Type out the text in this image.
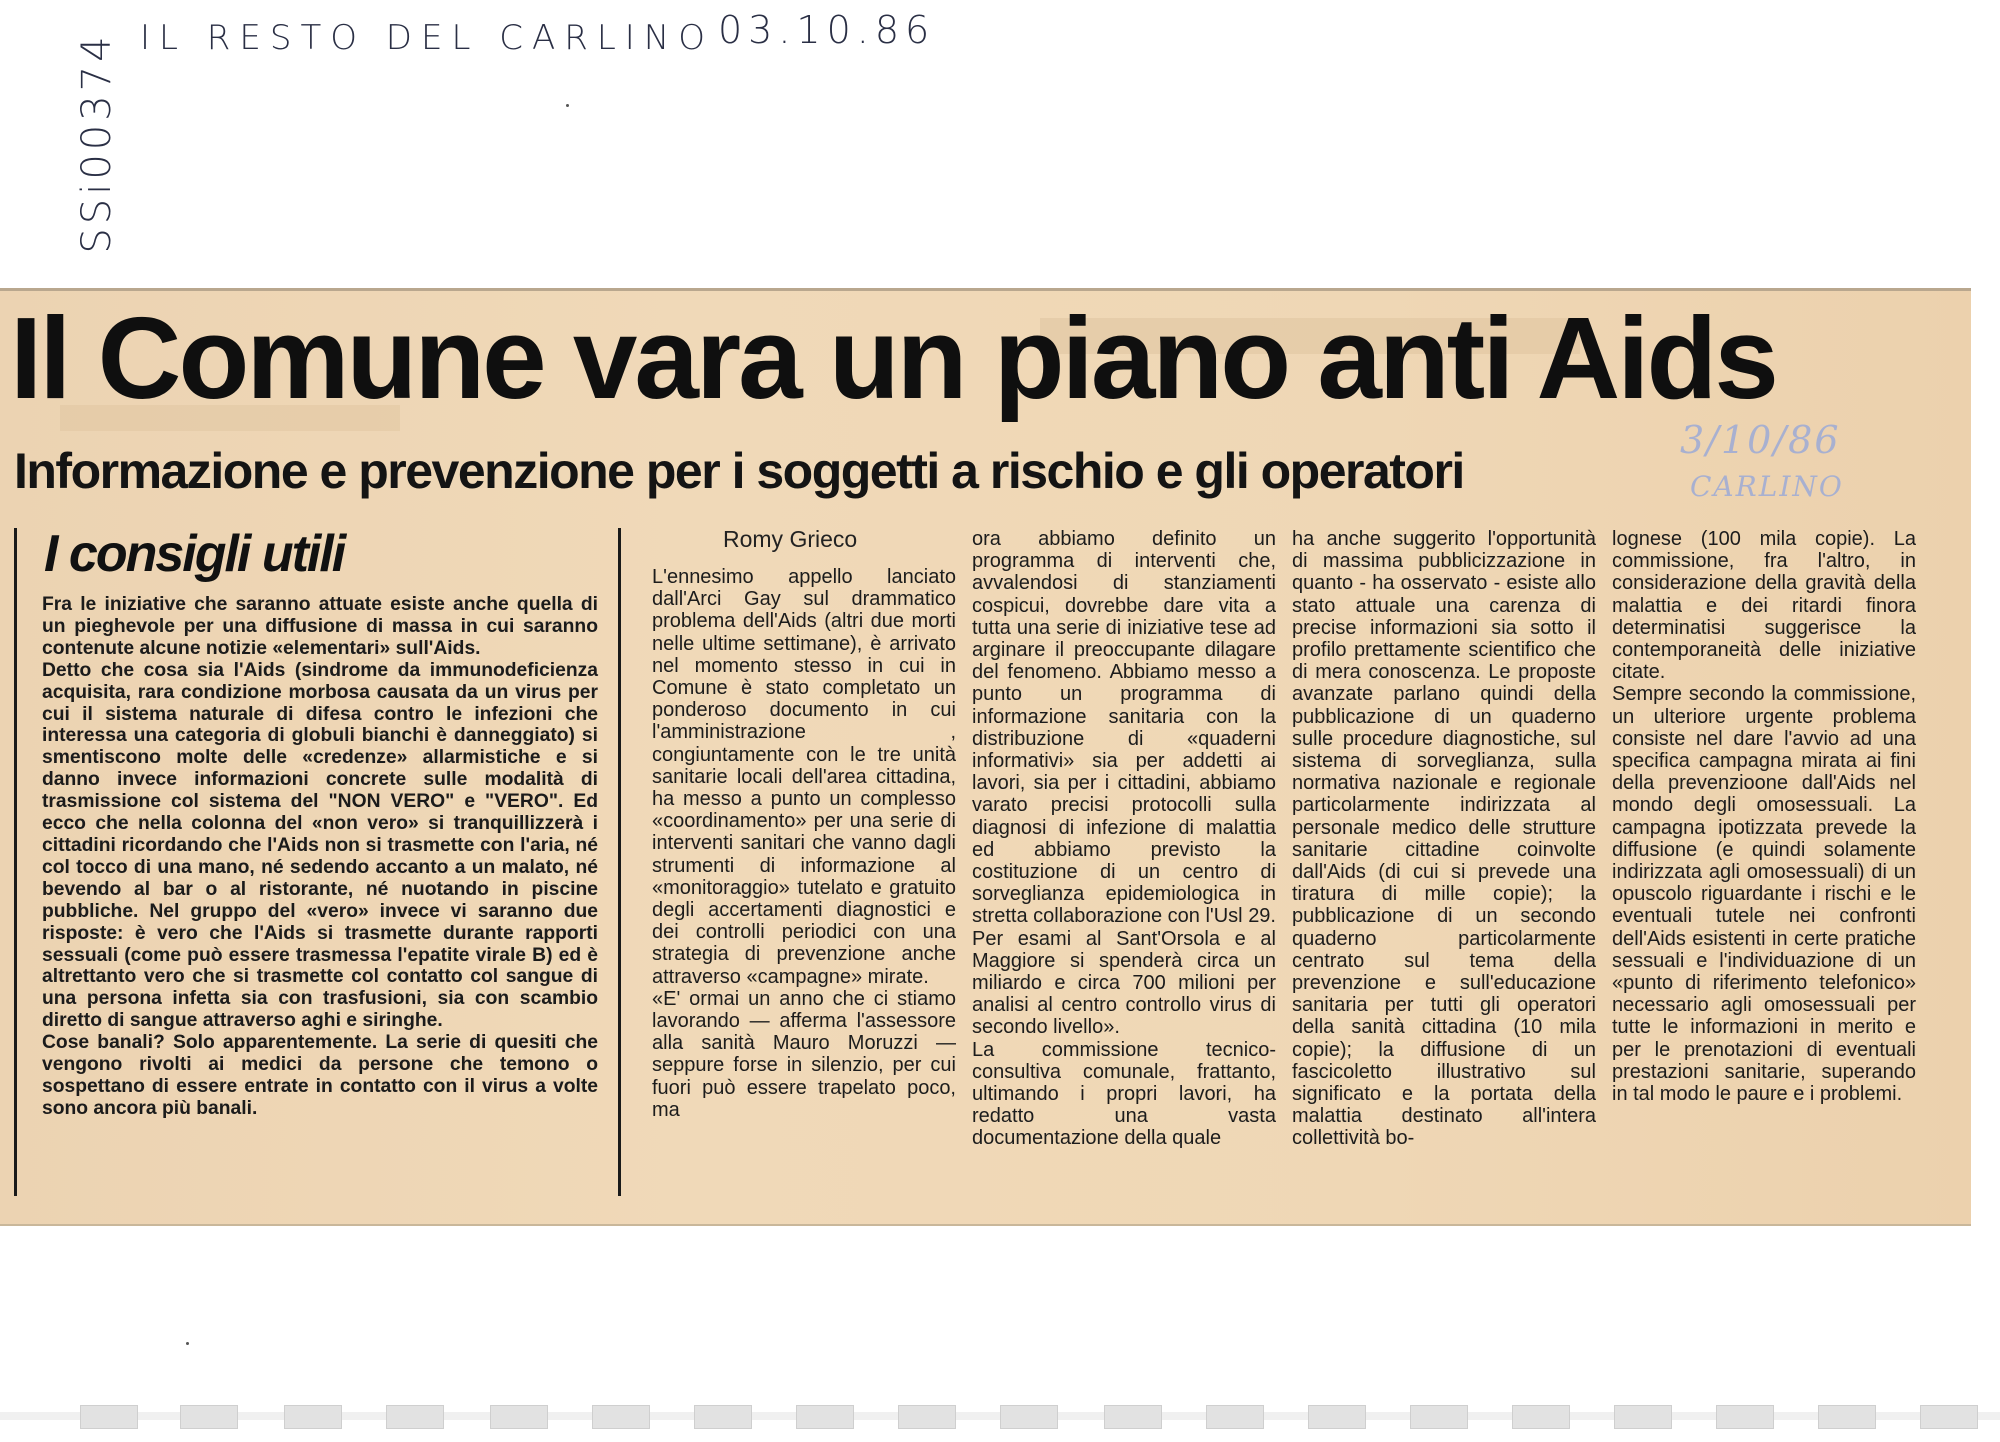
IL RESTO DEL CARLINO 03.10.86
SSi00374
Il Comune vara un piano anti Aids
Informazione e prevenzione per i soggetti a rischio e gli operatori
3/10/86
CARLINO
I consigli utili

Fra le iniziative che saranno attuate esiste anche quella di un pieghevole per una diffusione di massa in cui saranno contenute alcune notizie «elementari» sull'Aids.

Detto che cosa sia l'Aids (sindrome da immunodeficienza acquisita, rara condizione morbosa causata da un virus per cui il sistema naturale di difesa contro le infezioni che interessa una categoria di globuli bianchi è danneggiato) si smentiscono molte delle «credenze» allarmistiche e si danno invece informazioni concrete sulle modalità di trasmissione col sistema del "NON VERO" e "VERO". Ed ecco che nella colonna del «non vero» si tranquillizzerà i cittadini ricordando che l'Aids non si trasmette con l'aria, né col tocco di una mano, né sedendo accanto a un malato, né bevendo al bar o al ristorante, né nuotando in piscine pubbliche. Nel gruppo del «vero» invece vi saranno due risposte: è vero che l'Aids si trasmette durante rapporti sessuali (come può essere trasmessa l'epatite virale B) ed è altrettanto vero che si trasmette col contatto col sangue di una persona infetta sia con trasfusioni, sia con scambio diretto di sangue attraverso aghi e siringhe.

Cose banali? Solo apparentemente. La serie di quesiti che vengono rivolti ai medici da persone che temono o sospettano di essere entrate in contatto con il virus a volte sono ancora più banali.

Romy Grieco

L'ennesimo appello lanciato dall'Arci Gay sul drammatico problema dell'Aids (altri due morti nelle ultime settimane), è arrivato nel momento stesso in cui in Comune è stato completato un ponderoso documento in cui l'amministrazione , congiuntamente con le tre unità sanitarie locali dell'area cittadina, ha messo a punto un complesso «coordinamento» per una serie di interventi sanitari che vanno dagli strumenti di informazione al «monitoraggio» tutelato e gratuito degli accertamenti diagnostici e dei controlli periodici con una strategia di prevenzione anche attraverso «campagne» mirate.

«E' ormai un anno che ci stiamo lavorando — afferma l'assessore alla sanità Mauro Moruzzi — seppure forse in silenzio, per cui fuori può essere trapelato poco, ma

ora abbiamo definito un programma di interventi che, avvalendosi di stanziamenti cospicui, dovrebbe dare vita a tutta una serie di iniziative tese ad arginare il preoccupante dilagare del fenomeno. Abbiamo messo a punto un programma di informazione sanitaria con la distribuzione di «quaderni informativi» sia per addetti ai lavori, sia per i cittadini, abbiamo varato precisi protocolli sulla diagnosi di infezione di malattia ed abbiamo previsto la costituzione di un centro di sorveglianza epidemiologica in stretta collaborazione con l'Usl 29. Per esami al Sant'Orsola e al Maggiore si spenderà circa un miliardo e circa 700 milioni per analisi al centro controllo virus di secondo livello».

La commissione tecnico-consultiva comunale, frattanto, ultimando i propri lavori, ha redatto una vasta documentazione della quale

ha anche suggerito l'opportunità di massima pubblicizzazione in quanto - ha osservato - esiste allo stato attuale una carenza di precise informazioni sia sotto il profilo prettamente scientifico che di mera conoscenza. Le proposte avanzate parlano quindi della pubblicazione di un quaderno sulle procedure diagnostiche, sul sistema di sorveglianza, sulla normativa nazionale e regionale particolarmente indirizzata al personale medico delle strutture sanitarie cittadine coinvolte dall'Aids (di cui si prevede una tiratura di mille copie); la pubblicazione di un secondo quaderno particolarmente centrato sul tema della prevenzione e sull'educazione sanitaria per tutti gli operatori della sanità cittadina (10 mila copie); la diffusione di un fascicoletto illustrativo sul significato e la portata della malattia destinato all'intera collettività bo-

lognese (100 mila copie). La commissione, fra l'altro, in considerazione della gravità della malattia e dei ritardi finora determinatisi suggerisce la contemporaneità delle iniziative citate.

Sempre secondo la commissione, un ulteriore urgente problema consiste nel dare l'avvio ad una specifica campagna mirata ai fini della prevenzioone dall'Aids nel mondo degli omosessuali. La campagna ipotizzata prevede la diffusione (e quindi solamente indirizzata agli omosessuali) di un opuscolo riguardante i rischi e le eventuali tutele nei confronti dell'Aids esistenti in certe pratiche sessuali e l'individuazione di un «punto di riferimento telefonico» necessario agli omosessuali per tutte le informazioni in merito e per le prenotazioni di eventuali prestazioni sanitarie, superando in tal modo le paure e i problemi.
